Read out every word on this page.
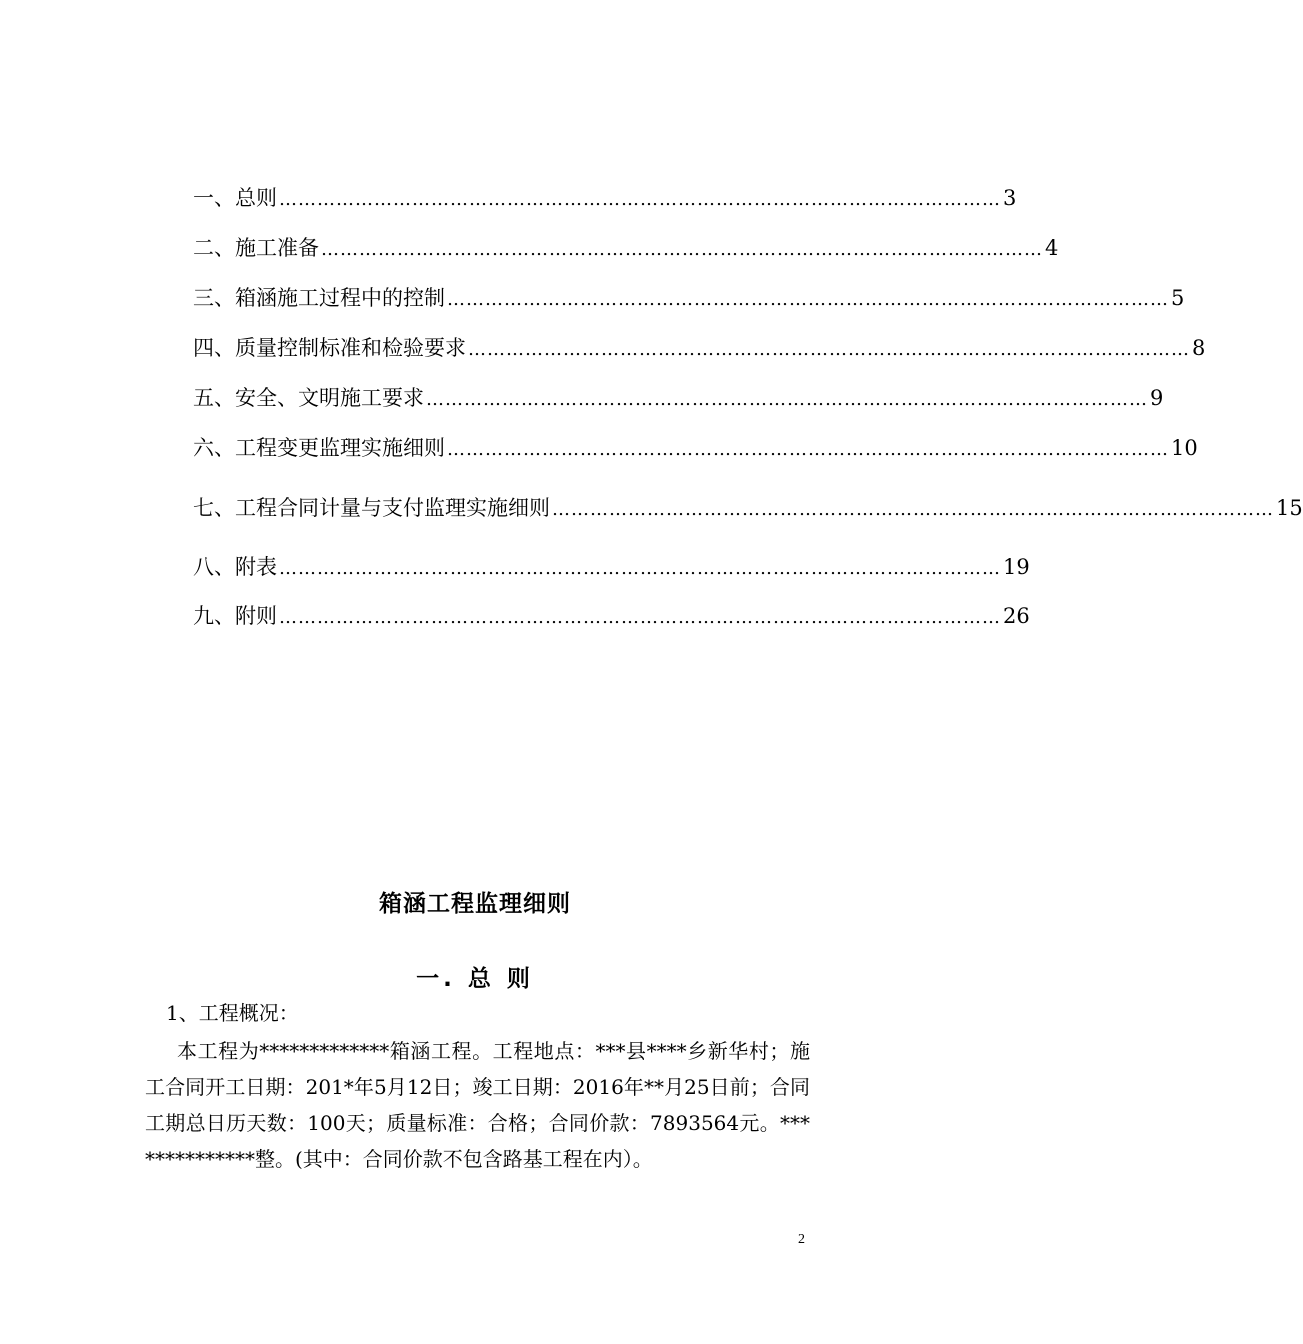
一、总则 …………………………………………………………………………………………………… 3
二、施工准备 …………………………………………………………………………………………………… 4
三、箱涵施工过程中的控制 …………………………………………………………………………………………………… 5
四、质量控制标准和检验要求 …………………………………………………………………………………………………… 8
五、安全、文明施工要求 …………………………………………………………………………………………………… 9
六、工程变更监理实施细则 …………………………………………………………………………………………………… 10
七、工程合同计量与支付监理实施细则 …………………………………………………………………………………………………… 15
八、附表 …………………………………………………………………………………………………… 19
九、附则 …………………………………………………………………………………………………… 26
箱涵工程监理细则
一. 总 则
1、工程概况：
本工程为*************箱涵工程。工程地点：***县****乡新华村；施工合同开工日期：201*年5月12日；竣工日期：2016年**月25日前；合同工期总日历天数：100天；质量标准：合格；合同价款：7893564元。**************整。(其中：合同价款不包含路基工程在内）。
2
